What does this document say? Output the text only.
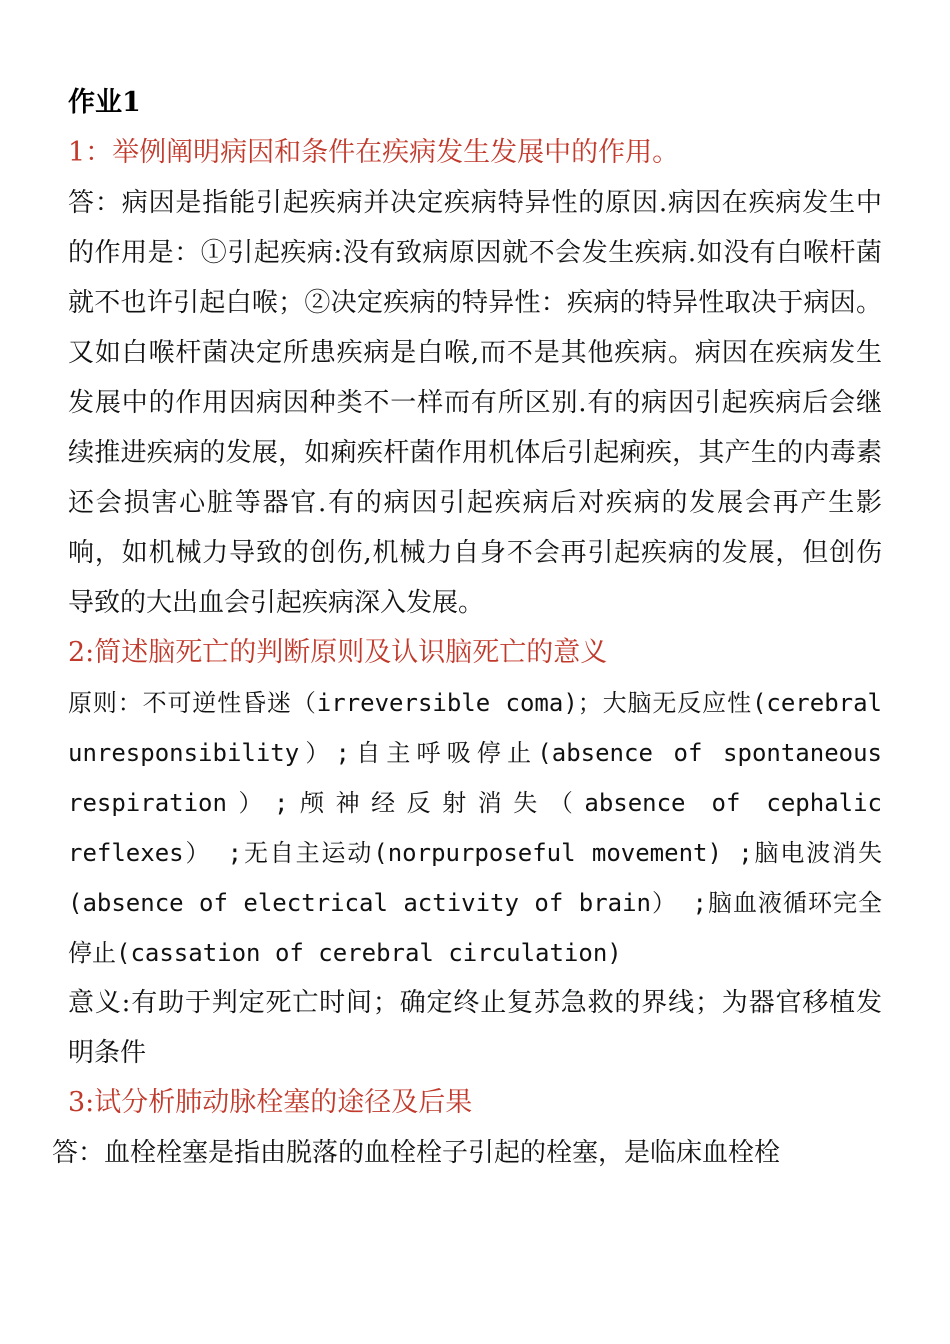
作业1
1：举例阐明病因和条件在疾病发生发展中的作用。
答：病因是指能引起疾病并决定疾病特异性的原因.病因在疾病发生中的作用是：①引起疾病:没有致病原因就不会发生疾病.如没有白喉杆菌就不也许引起白喉；②决定疾病的特异性：疾病的特异性取决于病因。又如白喉杆菌决定所患疾病是白喉,而不是其他疾病。病因在疾病发生发展中的作用因病因种类不一样而有所区别.有的病因引起疾病后会继续推进疾病的发展，如痢疾杆菌作用机体后引起痢疾，其产生的内毒素还会损害心脏等器官.有的病因引起疾病后对疾病的发展会再产生影响，如机械力导致的创伤,机械力自身不会再引起疾病的发展，但创伤导致的大出血会引起疾病深入发展。
2:简述脑死亡的判断原则及认识脑死亡的意义
原则：不可逆性昏迷（irreversible coma)；大脑无反应性(cerebral unresponsibility）;自主呼吸停止(absence of spontaneous respiration）;颅神经反射消失（absence of cephalic reflexes） ;无自主运动(norpurposeful movement) ;脑电波消失(absence of electrical activity of brain） ;脑血液循环完全停止(cassation of cerebral circulation)
意义:有助于判定死亡时间；确定终止复苏急救的界线；为器官移植发明条件
3:试分析肺动脉栓塞的途径及后果
答：血栓栓塞是指由脱落的血栓栓子引起的栓塞，是临床血栓栓
